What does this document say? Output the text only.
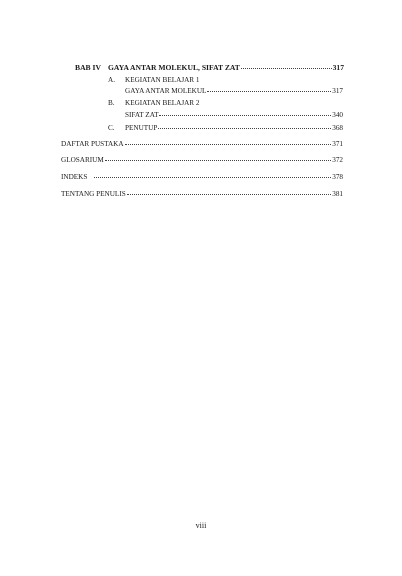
BAB IV GAYA ANTAR MOLEKUL, SIFAT ZAT	317
A. KEGIATAN BELAJAR 1
GAYA ANTAR MOLEKUL	317
B. KEGIATAN BELAJAR 2
SIFAT ZAT	340
C. PENUTUP	368
DAFTAR PUSTAKA	371
GLOSARIUM	372
INDEKS	378
TENTANG PENULIS	381
viii
